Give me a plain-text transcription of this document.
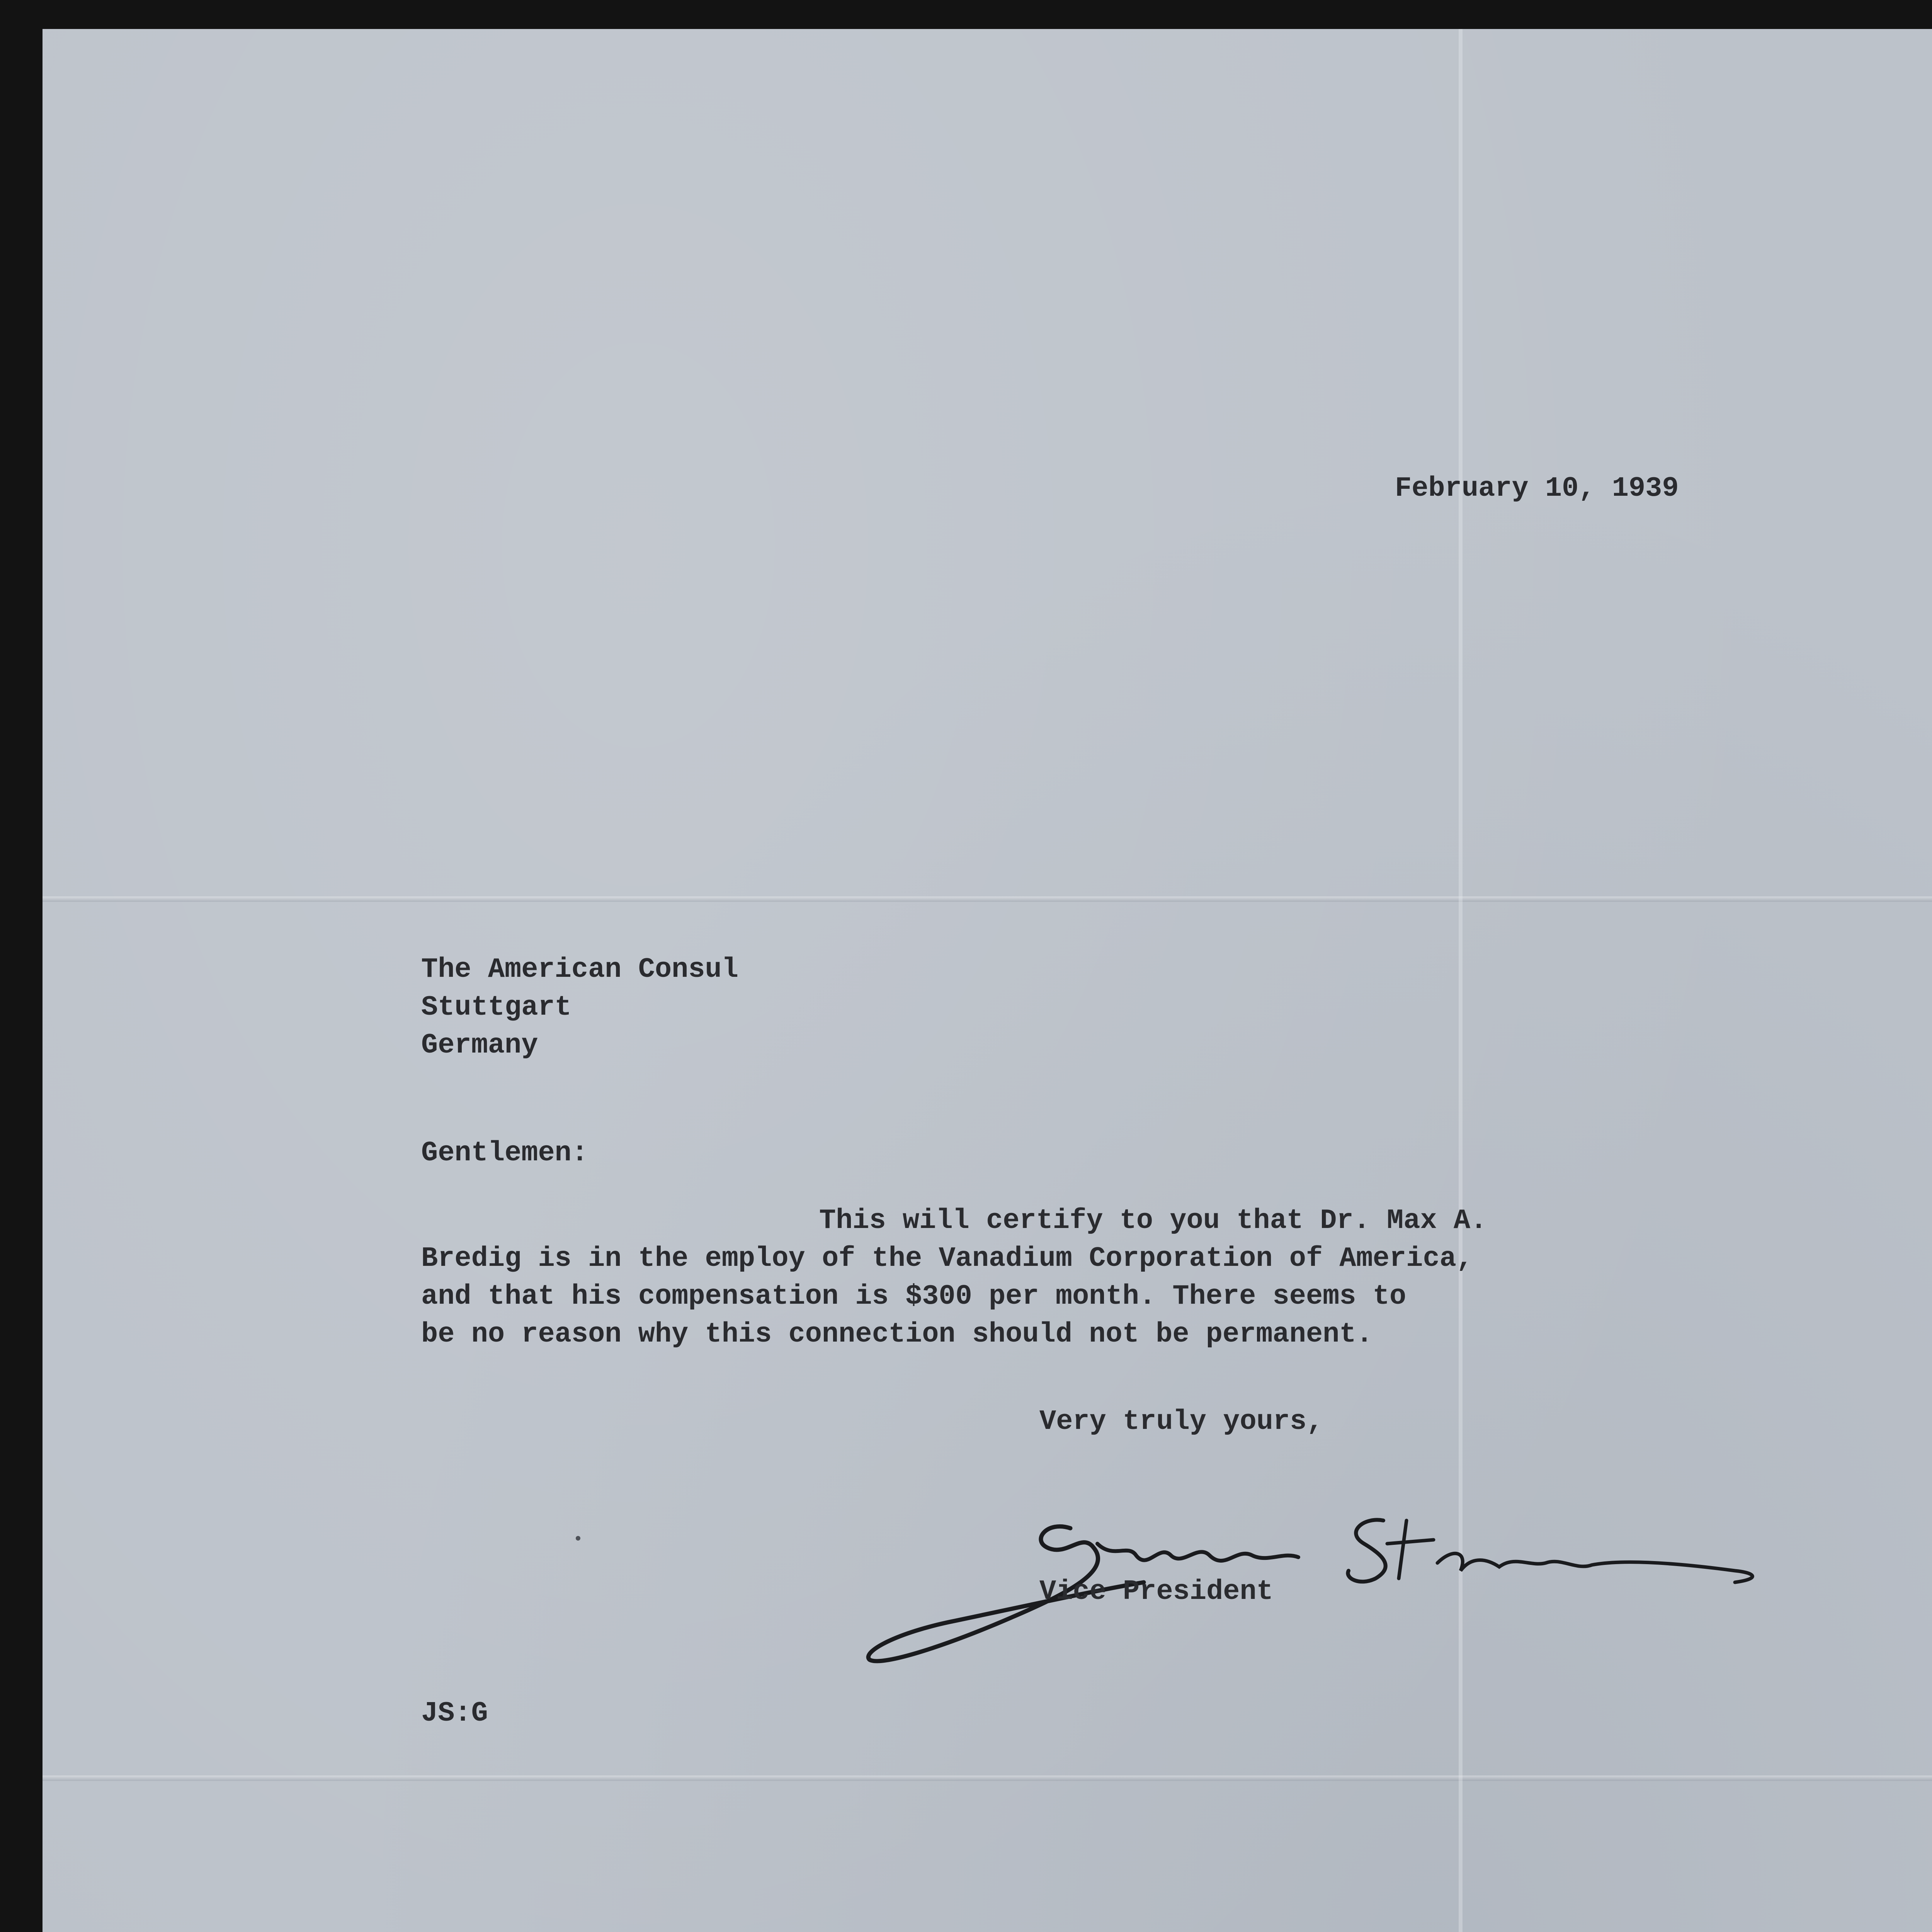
February 10, 1939

The American Consul

Stuttgart

Germany

Gentlemen:

This will certify to you that Dr. Max A.

Bredig is in the employ of the Vanadium Corporation of America,

and that his compensation is $300 per month. There seems to

be no reason why this connection should not be permanent.

Very truly yours,

Vice President

JS:G
